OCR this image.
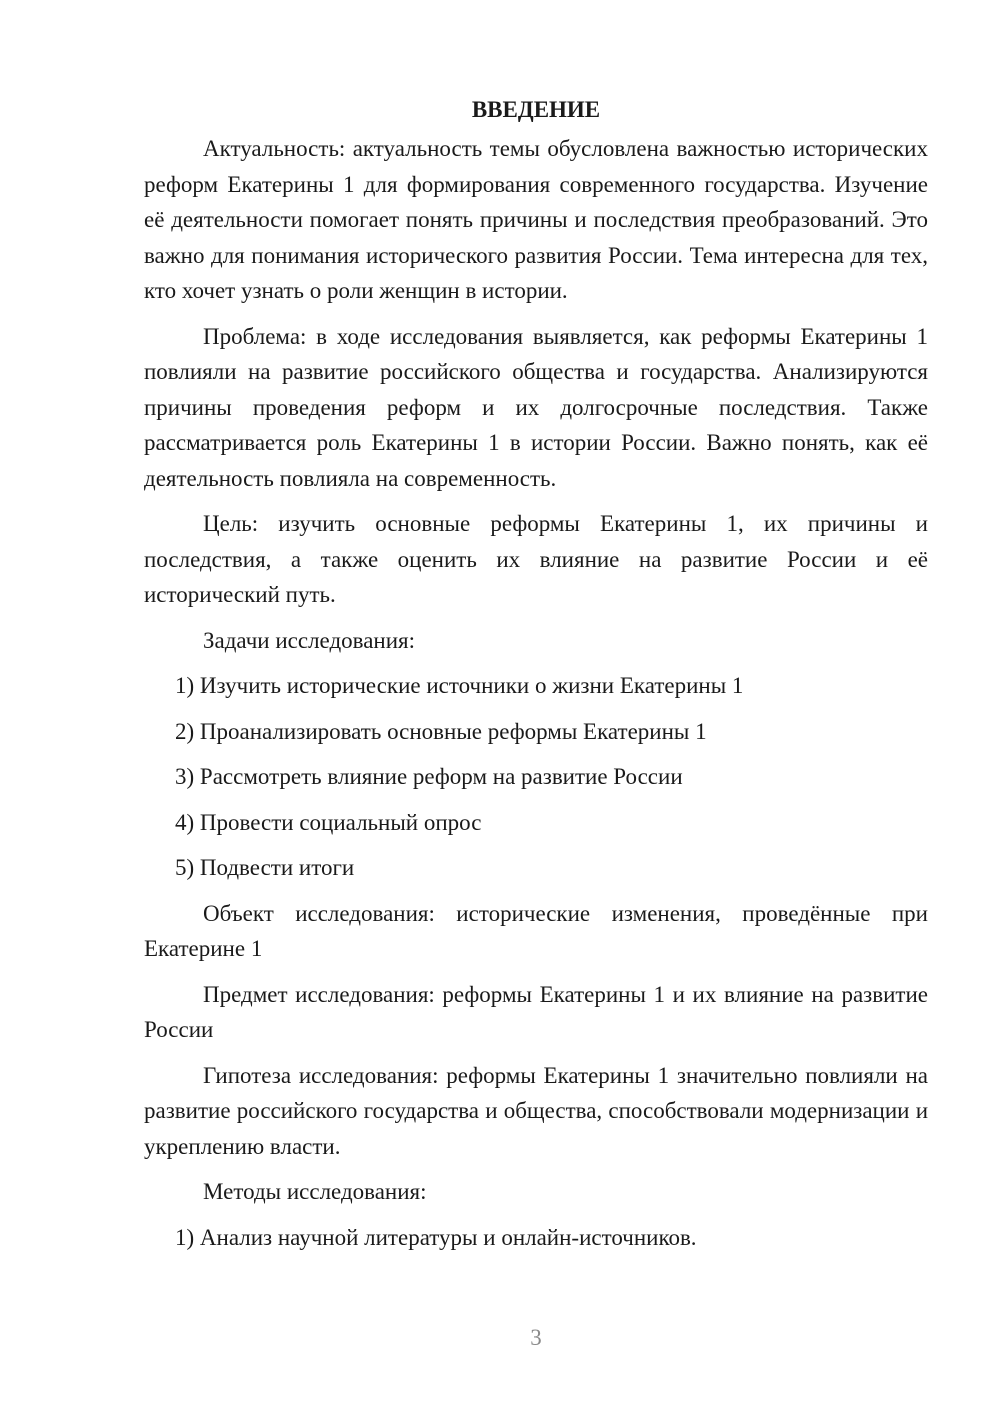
ВВЕДЕНИЕ

Актуальность: актуальность темы обусловлена важностью исторических реформ Екатерины 1 для формирования современного государства. Изучение её деятельности помогает понять причины и последствия преобразований. Это важно для понимания исторического развития России. Тема интересна для тех, кто хочет узнать о роли женщин в истории.

Проблема: в ходе исследования выявляется, как реформы Екатерины 1 повлияли на развитие российского общества и государства. Анализируются причины проведения реформ и их долгосрочные последствия. Также рассматривается роль Екатерины 1 в истории России. Важно понять, как её деятельность повлияла на современность.

Цель: изучить основные реформы Екатерины 1, их причины и последствия, а также оценить их влияние на развитие России и её исторический путь.

Задачи исследования:

1) Изучить исторические источники о жизни Екатерины 1

2) Проанализировать основные реформы Екатерины 1

3) Рассмотреть влияние реформ на развитие России

4) Провести социальный опрос

5) Подвести итоги

Объект исследования: исторические изменения, проведённые при Екатерине 1

Предмет исследования: реформы Екатерины 1 и их влияние на развитие России

Гипотеза исследования: реформы Екатерины 1 значительно повлияли на развитие российского государства и общества, способствовали модернизации и укреплению власти.

Методы исследования:

1) Анализ научной литературы и онлайн-источников.

3
